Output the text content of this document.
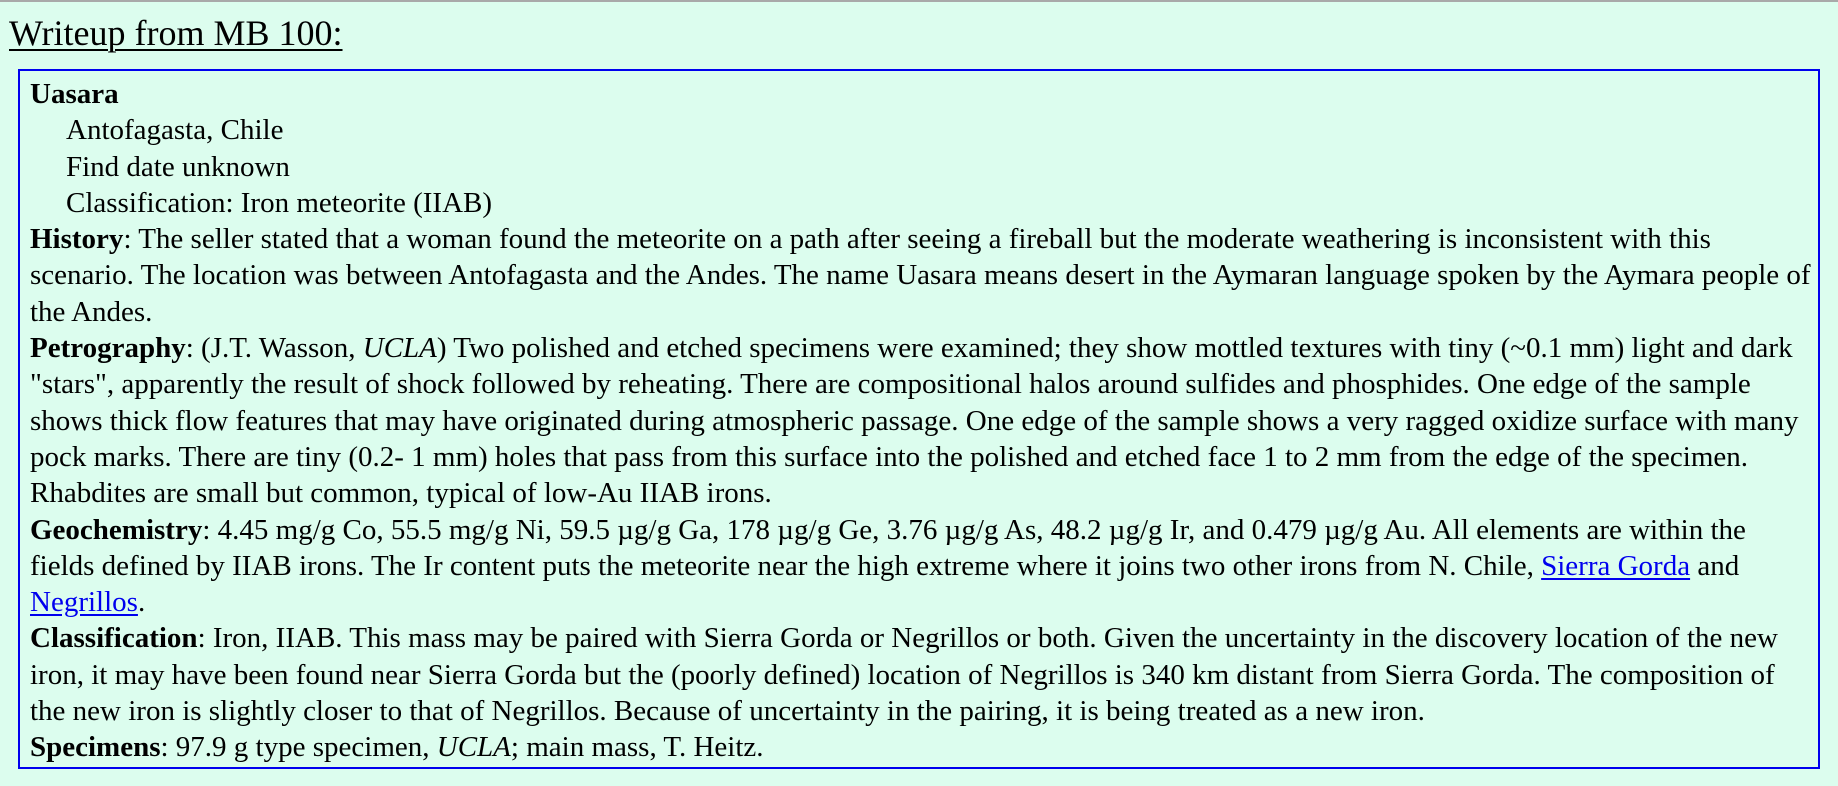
Writeup from MB 100:
Uasara
Antofagasta, Chile
Find date unknown
Classification: Iron meteorite (IIAB)
History: The seller stated that a woman found the meteorite on a path after seeing a fireball but the moderate weathering is inconsistent with this scenario. The location was between Antofagasta and the Andes. The name Uasara means desert in the Aymaran language spoken by the Aymara people of the Andes.
Petrography: (J.T. Wasson, UCLA) Two polished and etched specimens were examined; they show mottled textures with tiny (~0.1 mm) light and dark "stars", apparently the result of shock followed by reheating. There are compositional halos around sulfides and phosphides. One edge of the sample shows thick flow features that may have originated during atmospheric passage. One edge of the sample shows a very ragged oxidize surface with many pock marks. There are tiny (0.2- 1 mm) holes that pass from this surface into the polished and etched face 1 to 2 mm from the edge of the specimen. Rhabdites are small but common, typical of low-Au IIAB irons.
Geochemistry: 4.45 mg/g Co, 55.5 mg/g Ni, 59.5 µg/g Ga, 178 µg/g Ge, 3.76 µg/g As, 48.2 µg/g Ir, and 0.479 µg/g Au. All elements are within the fields defined by IIAB irons. The Ir content puts the meteorite near the high extreme where it joins two other irons from N. Chile, Sierra Gorda and Negrillos.
Classification: Iron, IIAB. This mass may be paired with Sierra Gorda or Negrillos or both. Given the uncertainty in the discovery location of the new iron, it may have been found near Sierra Gorda but the (poorly defined) location of Negrillos is 340 km distant from Sierra Gorda. The composition of the new iron is slightly closer to that of Negrillos. Because of uncertainty in the pairing, it is being treated as a new iron.
Specimens: 97.9 g type specimen, UCLA; main mass, T. Heitz.
